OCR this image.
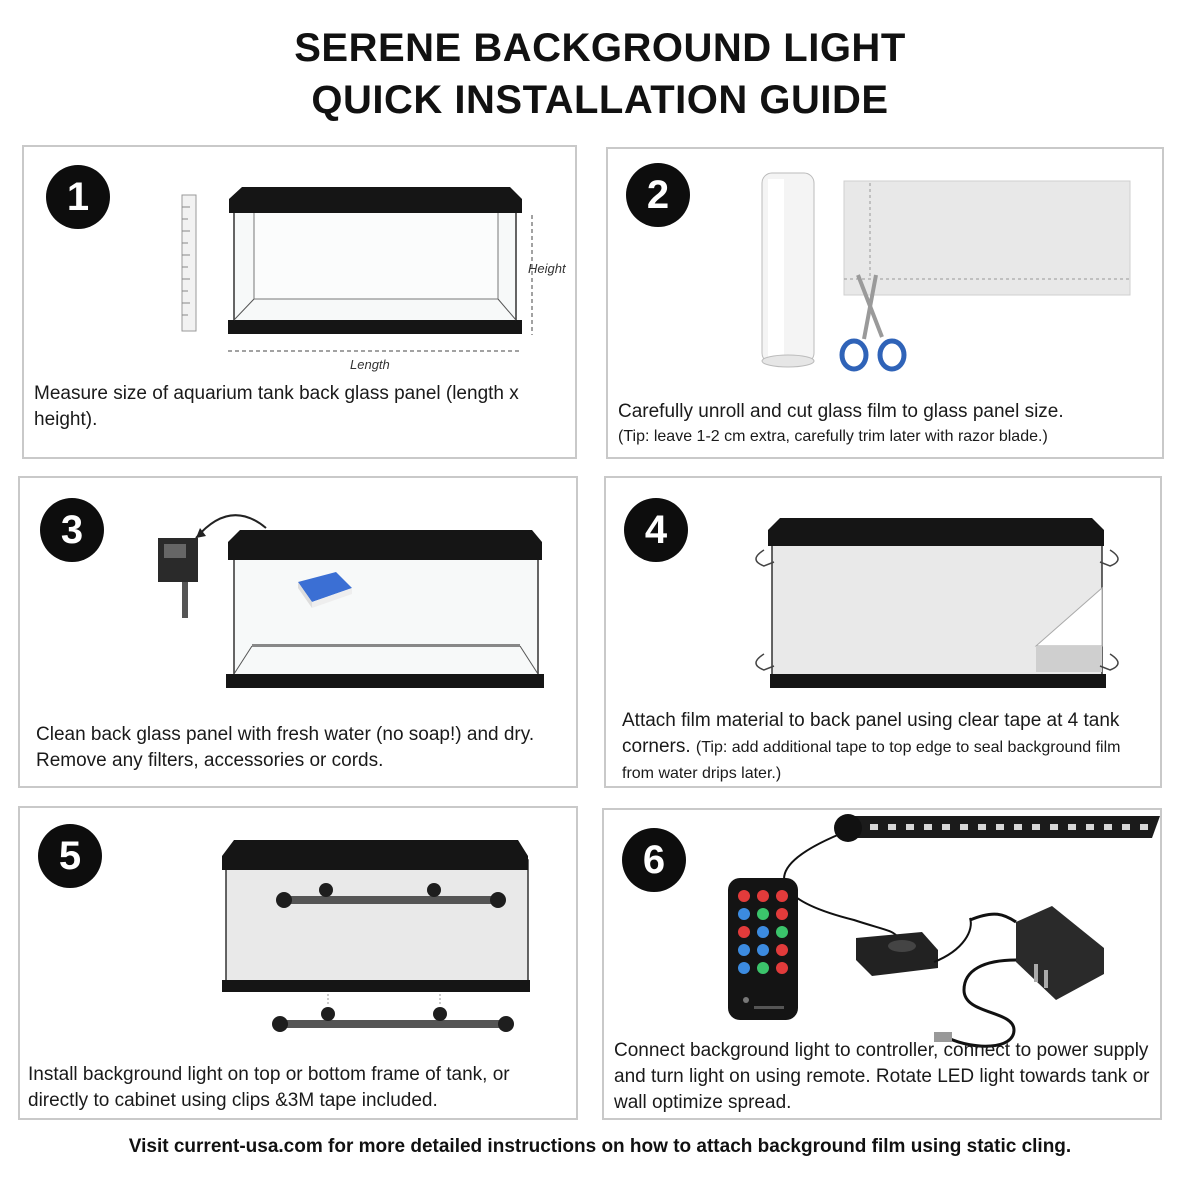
SERENE BACKGROUND LIGHT
QUICK INSTALLATION GUIDE
1
Height
Length
Measure size of aquarium tank back glass panel (length x height).
2
Carefully unroll and cut glass film to glass panel size.
(Tip: leave 1-2 cm extra, carefully trim later with razor blade.)
3
Clean back glass panel with fresh water (no soap!) and dry. Remove any filters, accessories or cords.
4
Attach film material to back panel using clear tape at 4 tank corners. (Tip: add additional tape to top edge to seal background film from water drips later.)
5
Install background light on top or bottom frame of tank, or directly to cabinet using clips &3M tape included.
6
Connect background light to controller, connect to power supply and turn light on using remote. Rotate LED light towards tank or wall optimize spread.
Visit current-usa.com for more detailed instructions on how to attach background film using static cling.
